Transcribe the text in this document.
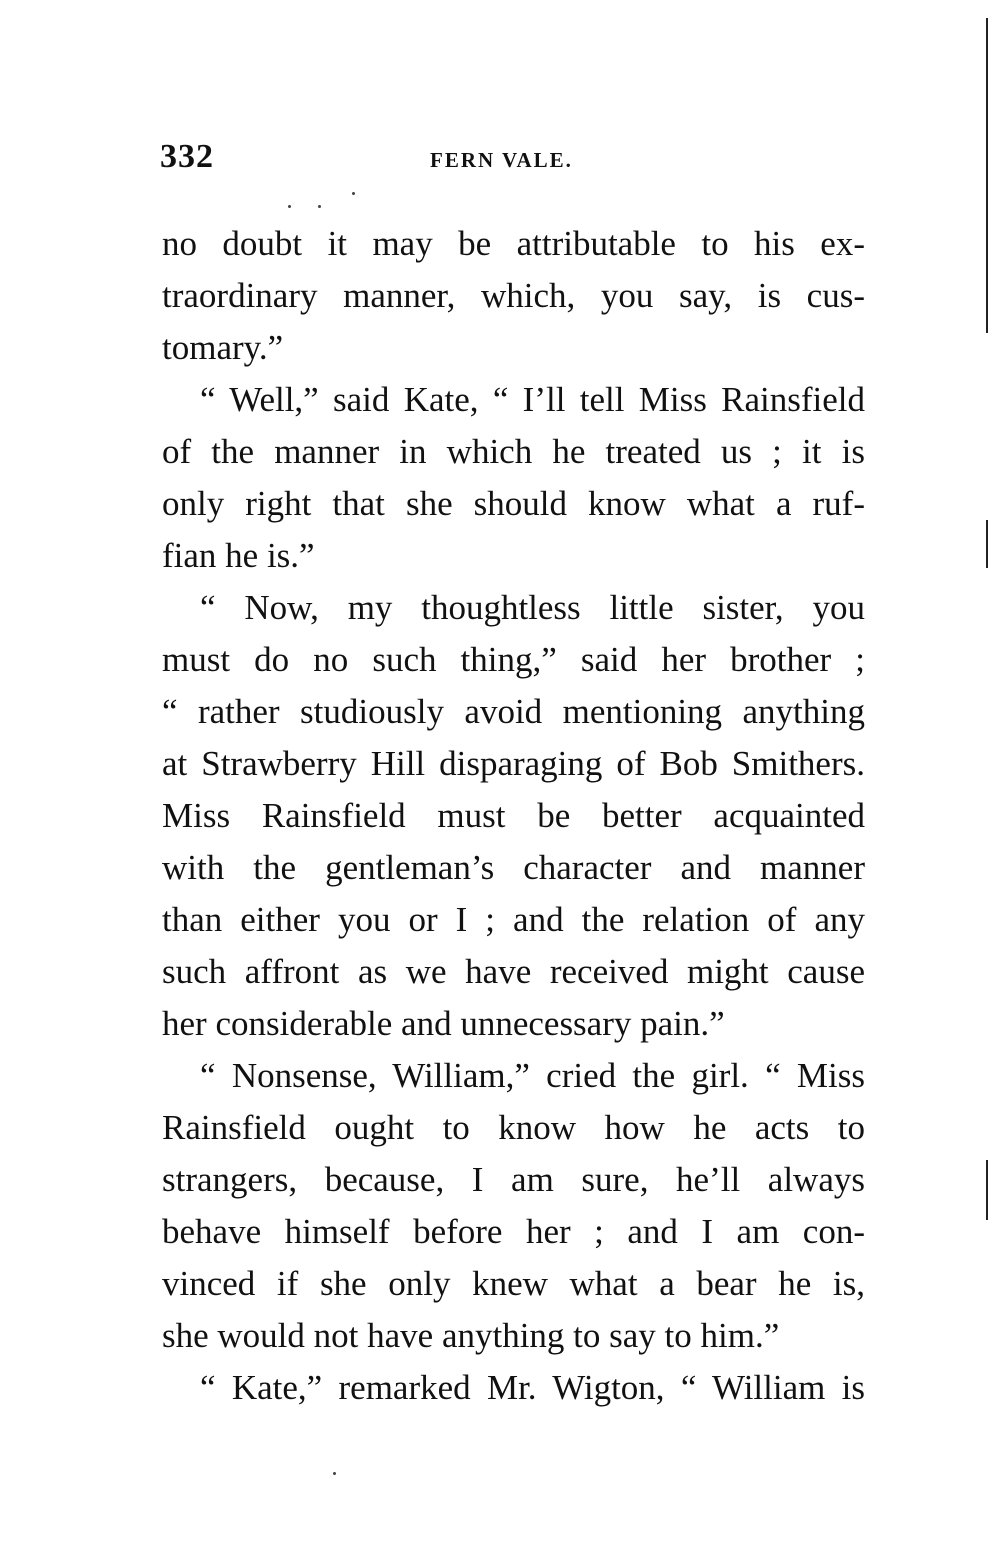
332	FERN VALE.
no doubt it may be attributable to his ex-
traordinary manner, which, you say, is cus-
tomary.”
“ Well,” said Kate, “ I’ll tell Miss Rainsfield
of the manner in which he treated us ; it is
only right that she should know what a ruf-
fian he is.”
“ Now, my thoughtless little sister, you
must do no such thing,” said her brother ;
“ rather studiously avoid mentioning anything
at Strawberry Hill disparaging of Bob Smithers.
Miss Rainsfield must be better acquainted
with the gentleman’s character and manner
than either you or I ; and the relation of any
such affront as we have received might cause
her considerable and unnecessary pain.”
“ Nonsense, William,” cried the girl. “ Miss
Rainsfield ought to know how he acts to
strangers, because, I am sure, he’ll always
behave himself before her ; and I am con-
vinced if she only knew what a bear he is,
she would not have anything to say to him.”
“ Kate,” remarked Mr. Wigton, “ William is
